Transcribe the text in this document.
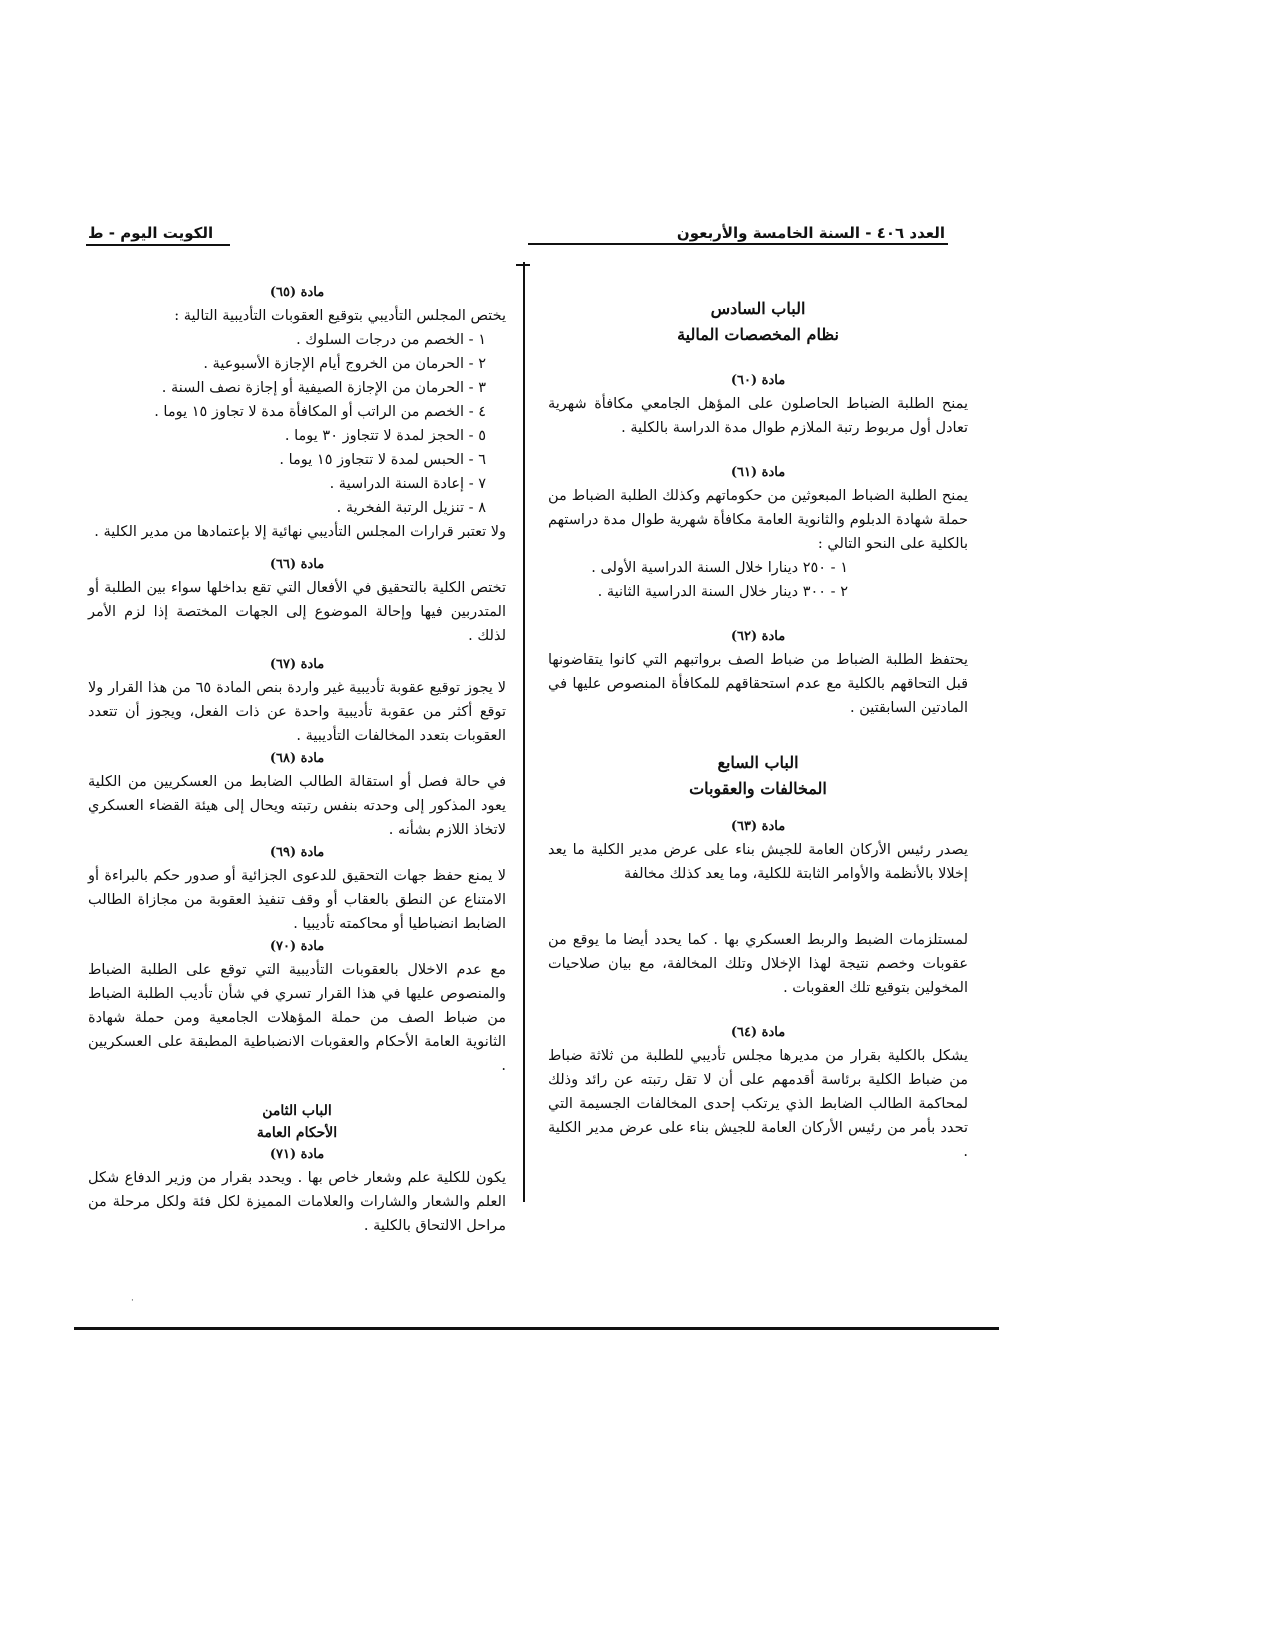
العدد ٤٠٦ - السنة الخامسة والأربعون
الكويت اليوم - ط
الباب السادس
نظام المخصصات المالية
مادة (٦٠)

يمنح الطلبة الضباط الحاصلون على المؤهل الجامعي مكافأة شهرية تعادل أول مربوط رتبة الملازم طوال مدة الدراسة بالكلية .

مادة (٦١)

يمنح الطلبة الضباط المبعوثين من حكوماتهم وكذلك الطلبة الضباط من حملة شهادة الدبلوم والثانوية العامة مكافأة شهرية طوال مدة دراستهم بالكلية على النحو التالي :

١ - ٢٥٠ دينارا خلال السنة الدراسية الأولى .
٢ - ٣٠٠ دينار خلال السنة الدراسية الثانية .
مادة (٦٢)

يحتفظ الطلبة الضباط من ضباط الصف برواتبهم التي كانوا يتقاضونها قبل التحاقهم بالكلية مع عدم استحقاقهم للمكافأة المنصوص عليها في المادتين السابقتين .

الباب السابع
المخالفات والعقوبات
مادة (٦٣)

يصدر رئيس الأركان العامة للجيش بناء على عرض مدير الكلية ما يعد إخلالا بالأنظمة والأوامر الثابتة للكلية، وما يعد كذلك مخالفة

لمستلزمات الضبط والربط العسكري بها . كما يحدد أيضا ما يوقع من عقوبات وخصم نتيجة لهذا الإخلال وتلك المخالفة، مع بيان صلاحيات المخولين بتوقيع تلك العقوبات .

مادة (٦٤)

يشكل بالكلية بقرار من مديرها مجلس تأديبي للطلبة من ثلاثة ضباط من ضباط الكلية برئاسة أقدمهم على أن لا تقل رتبته عن رائد وذلك لمحاكمة الطالب الضابط الذي يرتكب إحدى المخالفات الجسيمة التي تحدد بأمر من رئيس الأركان العامة للجيش بناء على عرض مدير الكلية .

مادة (٦٥)

يختص المجلس التأديبي بتوقيع العقوبات التأديبية التالية :

١ - الخصم من درجات السلوك .
٢ - الحرمان من الخروج أيام الإجازة الأسبوعية .
٣ - الحرمان من الإجازة الصيفية أو إجازة نصف السنة .
٤ - الخصم من الراتب أو المكافأة مدة لا تجاوز ١٥ يوما .
٥ - الحجز لمدة لا تتجاوز ٣٠ يوما .
٦ - الحبس لمدة لا تتجاوز ١٥ يوما .
٧ - إعادة السنة الدراسية .
٨ - تنزيل الرتبة الفخرية .

ولا تعتبر قرارات المجلس التأديبي نهائية إلا بإعتمادها من مدير الكلية .

مادة (٦٦)

تختص الكلية بالتحقيق في الأفعال التي تقع بداخلها سواء بين الطلبة أو المتدربين فيها وإحالة الموضوع إلى الجهات المختصة إذا لزم الأمر لذلك .

مادة (٦٧)

لا يجوز توقيع عقوبة تأديبية غير واردة بنص المادة ٦٥ من هذا القرار ولا توقع أكثر من عقوبة تأديبية واحدة عن ذات الفعل، ويجوز أن تتعدد العقوبات بتعدد المخالفات التأديبية .

مادة (٦٨)

في حالة فصل أو استقالة الطالب الضابط من العسكريين من الكلية يعود المذكور إلى وحدته بنفس رتبته ويحال إلى هيئة القضاء العسكري لاتخاذ اللازم بشأنه .

مادة (٦٩)

لا يمنع حفظ جهات التحقيق للدعوى الجزائية أو صدور حكم بالبراءة أو الامتناع عن النطق بالعقاب أو وقف تنفيذ العقوبة من مجازاة الطالب الضابط انضباطيا أو محاكمته تأديبيا .

مادة (٧٠)

مع عدم الاخلال بالعقوبات التأديبية التي توقع على الطلبة الضباط والمنصوص عليها في هذا القرار تسري في شأن تأديب الطلبة الضباط من ضباط الصف من حملة المؤهلات الجامعية ومن حملة شهادة الثانوية العامة الأحكام والعقوبات الانضباطية المطبقة على العسكريين .

الباب الثامن
الأحكام العامة
مادة (٧١)

يكون للكلية علم وشعار خاص بها . ويحدد بقرار من وزير الدفاع شكل العلم والشعار والشارات والعلامات المميزة لكل فئة ولكل مرحلة من مراحل الالتحاق بالكلية .

·
